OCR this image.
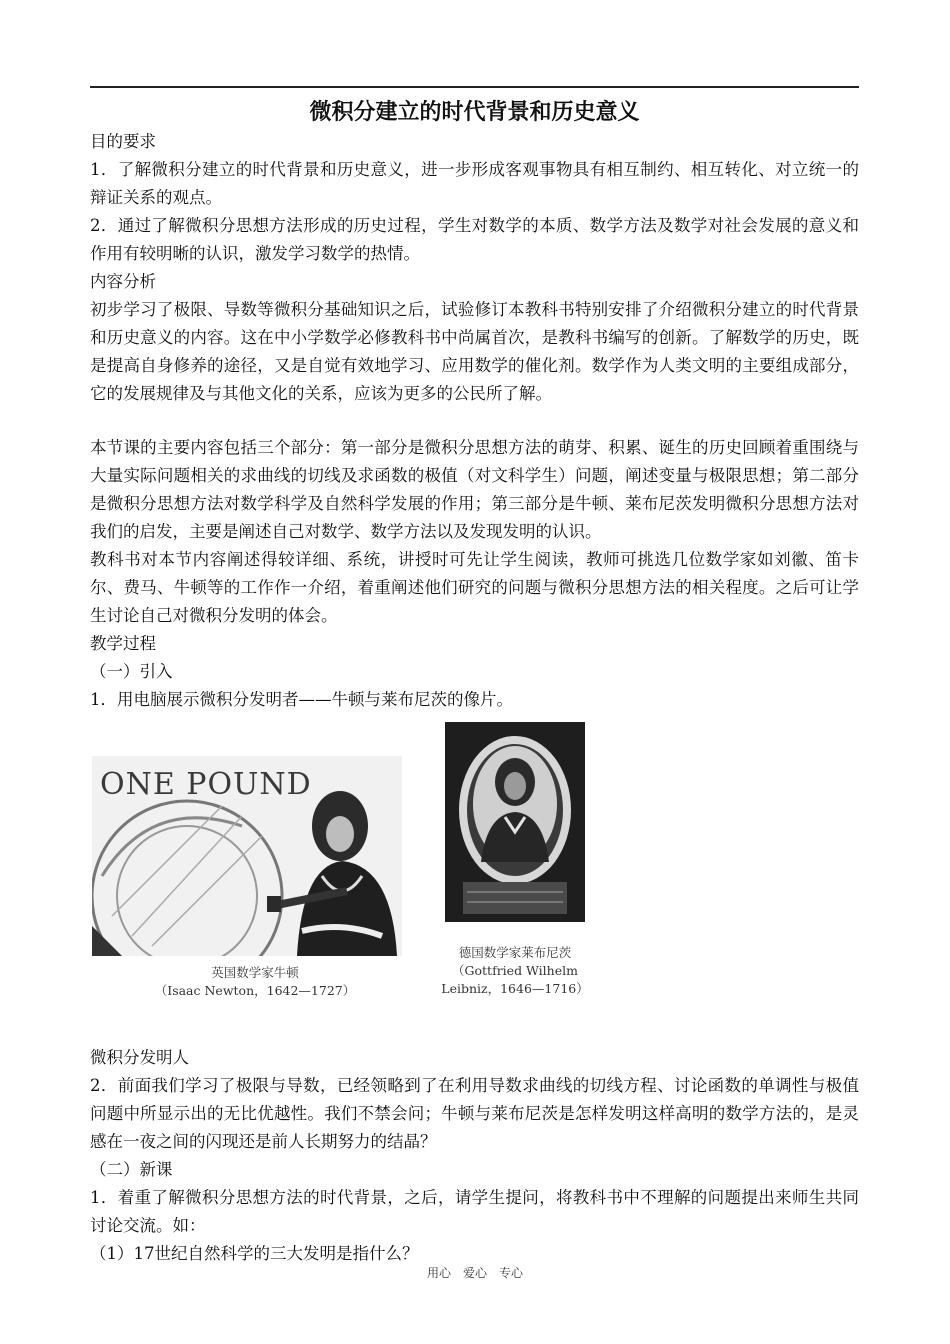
微积分建立的时代背景和历史意义

目的要求

1．了解微积分建立的时代背景和历史意义，进一步形成客观事物具有相互制约、相互转化、对立统一的辩证关系的观点。

2．通过了解微积分思想方法形成的历史过程，学生对数学的本质、数学方法及数学对社会发展的意义和作用有较明晰的认识，激发学习数学的热情。

内容分析

初步学习了极限、导数等微积分基础知识之后，试验修订本教科书特别安排了介绍微积分建立的时代背景和历史意义的内容。这在中小学数学必修教科书中尚属首次，是教科书编写的创新。了解数学的历史，既是提高自身修养的途径，又是自觉有效地学习、应用数学的催化剂。数学作为人类文明的主要组成部分，它的发展规律及与其他文化的关系，应该为更多的公民所了解。

本节课的主要内容包括三个部分：第一部分是微积分思想方法的萌芽、积累、诞生的历史回顾着重围绕与大量实际问题相关的求曲线的切线及求函数的极值（对文科学生）问题，阐述变量与极限思想；第二部分是微积分思想方法对数学科学及自然科学发展的作用；第三部分是牛顿、莱布尼茨发明微积分思想方法对我们的启发，主要是阐述自己对数学、数学方法以及发现发明的认识。

教科书对本节内容阐述得较详细、系统，讲授时可先让学生阅读，教师可挑选几位数学家如刘徽、笛卡尔、费马、牛顿等的工作作一介绍，着重阐述他们研究的问题与微积分思想方法的相关程度。之后可让学生讨论自己对微积分发明的体会。

教学过程

（一）引入

1．用电脑展示微积分发明者——牛顿与莱布尼茨的像片。

ONE POUND
英国数学家牛顿
（Isaac Newton，1642—1727）
德国数学家莱布尼茨
（Gottfried Wilhelm
Leibniz，1646—1716）

微积分发明人

2．前面我们学习了极限与导数，已经领略到了在利用导数求曲线的切线方程、讨论函数的单调性与极值问题中所显示出的无比优越性。我们不禁会问；牛顿与莱布尼茨是怎样发明这样高明的数学方法的，是灵感在一夜之间的闪现还是前人长期努力的结晶？

（二）新课

1．着重了解微积分思想方法的时代背景，之后，请学生提问，将教科书中不理解的问题提出来师生共同讨论交流。如：

（1）17世纪自然科学的三大发明是指什么？

用心　爱心　专心
